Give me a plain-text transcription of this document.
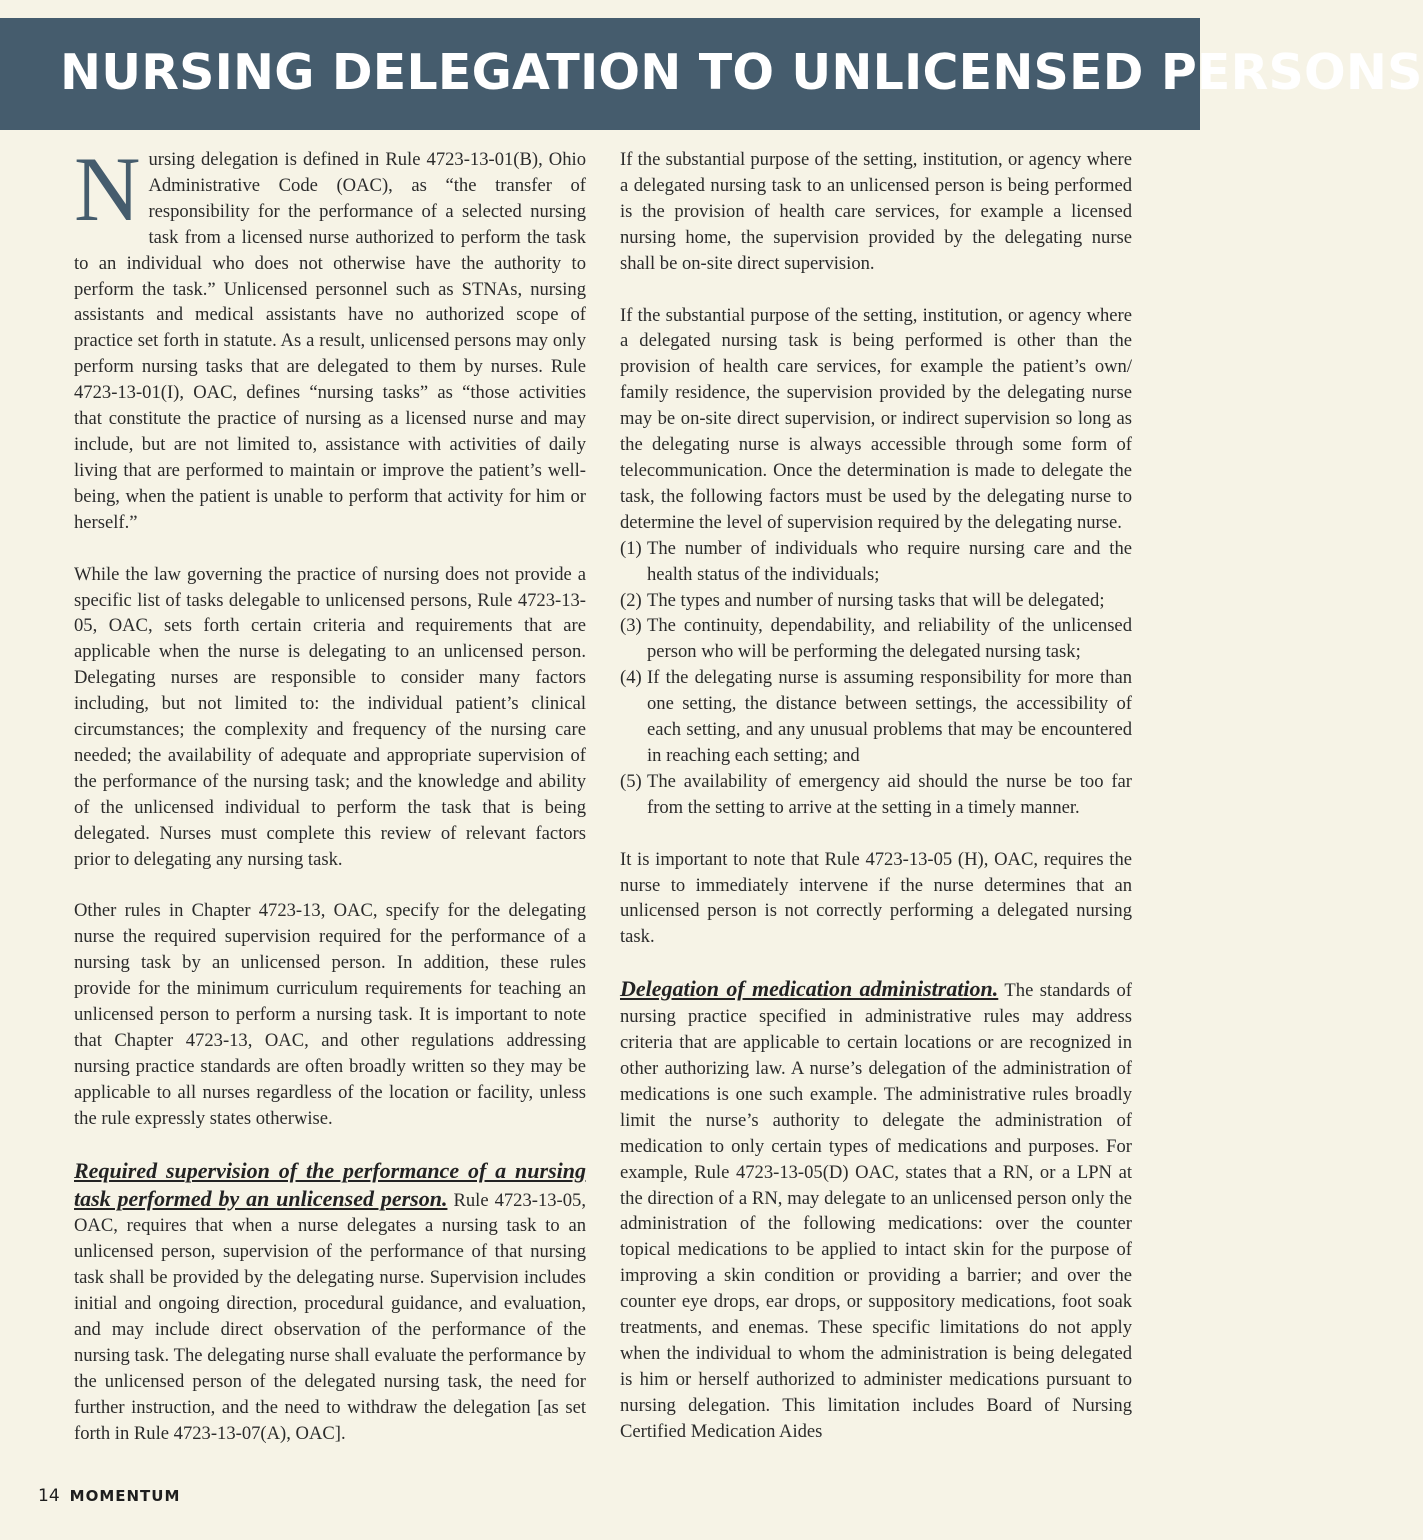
NURSING DELEGATION TO UNLICENSED PERSONS

Nursing delegation is defined in Rule 4723-13-01(B), Ohio Administrative Code (OAC), as “the transfer of responsibility for the performance of a selected nursing task from a licensed nurse authorized to perform the task to an individual who does not otherwise have the authority to perform the task.” Unlicensed personnel such as STNAs, nursing assistants and medical assistants have no authorized scope of practice set forth in statute. As a result, unlicensed persons may only perform nursing tasks that are delegated to them by nurses. Rule 4723-13-01(I), OAC, defines “nursing tasks” as “those activities that constitute the practice of nursing as a licensed nurse and may include, but are not limited to, assistance with activities of daily living that are performed to maintain or improve the patient’s well-being, when the patient is unable to perform that activity for him or herself.”

While the law governing the practice of nursing does not provide a specific list of tasks delegable to unlicensed persons, Rule 4723-13-05, OAC, sets forth certain criteria and requirements that are applicable when the nurse is delegating to an unlicensed person. Delegating nurses are responsible to consider many factors including, but not limited to: the individual patient’s clinical circumstances; the complexity and frequency of the nursing care needed; the availability of adequate and appropriate supervision of the performance of the nursing task; and the knowledge and ability of the unlicensed individual to perform the task that is being delegated. Nurses must complete this review of relevant factors prior to delegating any nursing task.

Other rules in Chapter 4723-13, OAC, specify for the delegating nurse the required supervision required for the performance of a nursing task by an unlicensed person. In addition, these rules provide for the minimum curriculum requirements for teaching an unlicensed person to perform a nursing task. It is important to note that Chapter 4723-13, OAC, and other regulations addressing nursing practice standards are often broadly written so they may be applicable to all nurses regardless of the location or facility, unless the rule expressly states otherwise.

Required supervision of the performance of a nursing task performed by an unlicensed person. Rule 4723-13-05, OAC, requires that when a nurse delegates a nursing task to an unlicensed person, supervision of the performance of that nursing task shall be provided by the delegating nurse. Supervision includes initial and ongoing direction, procedural guidance, and evaluation, and may include direct observation of the performance of the nursing task. The delegating nurse shall evaluate the performance by the unlicensed person of the delegated nursing task, the need for further instruction, and the need to withdraw the delegation [as set forth in Rule 4723-13-07(A), OAC].

If the substantial purpose of the setting, institution, or agency where a delegated nursing task to an unlicensed person is being performed is the provision of health care services, for example a licensed nursing home, the supervision provided by the delegating nurse shall be on-site direct supervision.

If the substantial purpose of the setting, institution, or agency where a delegated nursing task is being performed is other than the provision of health care services, for example the patient’s own/ family residence, the supervision provided by the delegating nurse may be on-site direct supervision, or indirect supervision so long as the delegating nurse is always accessible through some form of telecommunication. Once the determination is made to delegate the task, the following factors must be used by the delegating nurse to determine the level of supervision required by the delegating nurse.

(1) The number of individuals who require nursing care and the health status of the individuals;
(2) The types and number of nursing tasks that will be delegated;
(3) The continuity, dependability, and reliability of the unlicensed person who will be performing the delegated nursing task;
(4) If the delegating nurse is assuming responsibility for more than one setting, the distance between settings, the accessibility of each setting, and any unusual problems that may be encountered in reaching each setting; and
(5) The availability of emergency aid should the nurse be too far from the setting to arrive at the setting in a timely manner.

It is important to note that Rule 4723-13-05 (H), OAC, requires the nurse to immediately intervene if the nurse determines that an unlicensed person is not correctly performing a delegated nursing task.

Delegation of medication administration. The standards of nursing practice specified in administrative rules may address criteria that are applicable to certain locations or are recognized in other authorizing law. A nurse’s delegation of the administration of medications is one such example. The administrative rules broadly limit the nurse’s authority to delegate the administration of medication to only certain types of medications and purposes. For example, Rule 4723-13-05(D) OAC, states that a RN, or a LPN at the direction of a RN, may delegate to an unlicensed person only the administration of the following medications: over the counter topical medications to be applied to intact skin for the purpose of improving a skin condition or providing a barrier; and over the counter eye drops, ear drops, or suppository medications, foot soak treatments, and enemas. These specific limitations do not apply when the individual to whom the administration is being delegated is him or herself authorized to administer medications pursuant to nursing delegation. This limitation includes Board of Nursing Certified Medication Aides

14 MOMENTUM
